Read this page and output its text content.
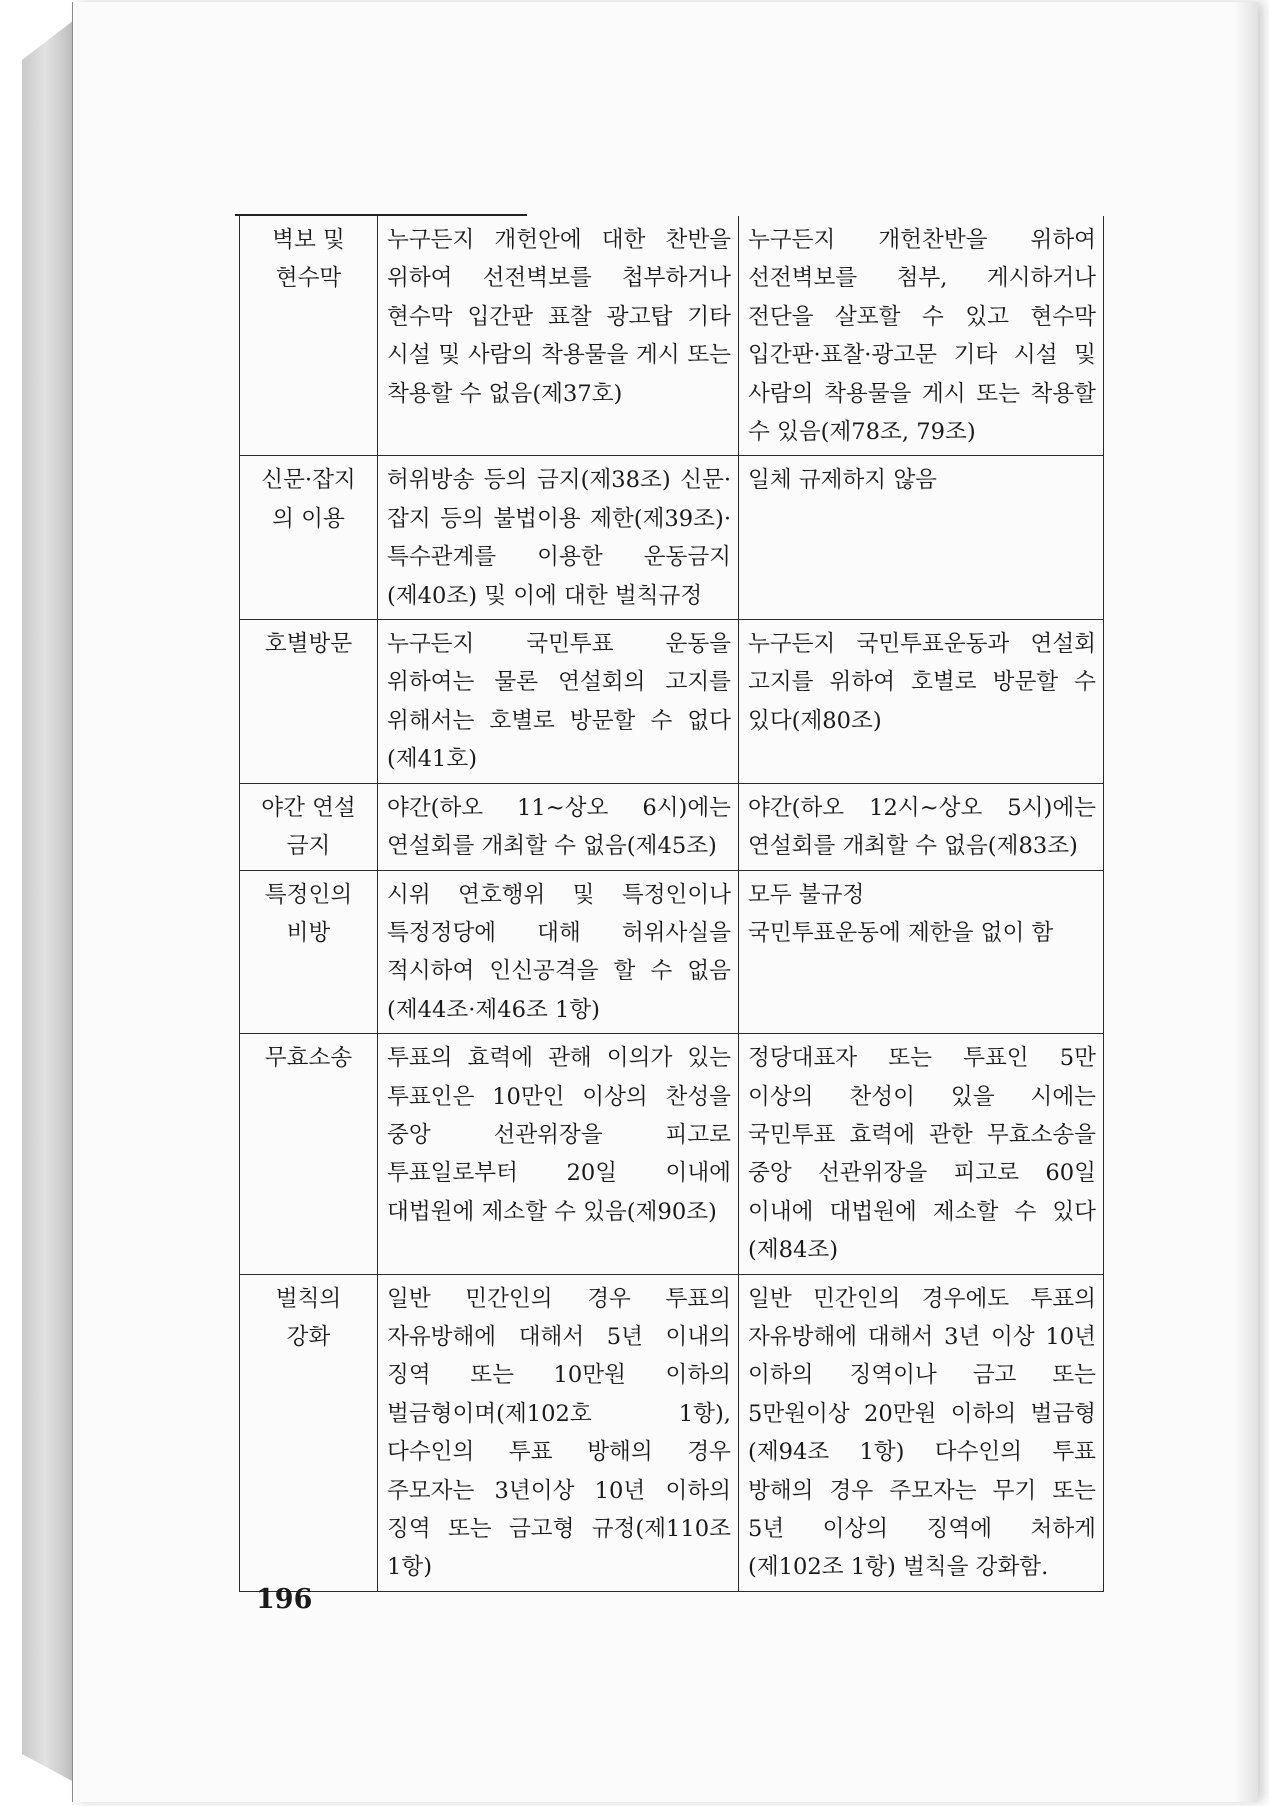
벽보 및
현수막	누구든지 개헌안에 대한 찬반을 위하여 선전벽보를 첩부하거나 현수막 입간판 표찰 광고탑 기타 시설 및 사람의 착용물을 게시 또는 착용할 수 없음(제37호)	누구든지 개헌찬반을 위하여 선전벽보를 첨부, 게시하거나 전단을 살포할 수 있고 현수막 입간판·표찰·광고문 기타 시설 및 사람의 착용물을 게시 또는 착용할 수 있음(제78조, 79조)

신문·잡지
의 이용	허위방송 등의 금지(제38조) 신문·잡지 등의 불법이용 제한(제39조)·특수관계를 이용한 운동금지(제40조) 및 이에 대한 벌칙규정	일체 규제하지 않음

호별방문	누구든지 국민투표 운동을 위하여는 물론 연설회의 고지를 위해서는 호별로 방문할 수 없다(제41호)	누구든지 국민투표운동과 연설회 고지를 위하여 호별로 방문할 수 있다(제80조)

야간 연설
금지	야간(하오 11~상오 6시)에는 연설회를 개최할 수 없음(제45조)	야간(하오 12시~상오 5시)에는 연설회를 개최할 수 없음(제83조)

특정인의
비방	시위 연호행위 및 특정인이나 특정정당에 대해 허위사실을 적시하여 인신공격을 할 수 없음(제44조·제46조 1항)	모두 불규정
국민투표운동에 제한을 없이 함

무효소송	투표의 효력에 관해 이의가 있는 투표인은 10만인 이상의 찬성을 중앙 선관위장을 피고로 투표일로부터 20일 이내에 대법원에 제소할 수 있음(제90조)	정당대표자 또는 투표인 5만 이상의 찬성이 있을 시에는 국민투표 효력에 관한 무효소송을 중앙 선관위장을 피고로 60일 이내에 대법원에 제소할 수 있다(제84조)

벌칙의
강화	일반 민간인의 경우 투표의 자유방해에 대해서 5년 이내의 징역 또는 10만원 이하의 벌금형이며(제102호 1항), 다수인의 투표 방해의 경우 주모자는 3년이상 10년 이하의 징역 또는 금고형 규정(제110조 1항)	일반 민간인의 경우에도 투표의 자유방해에 대해서 3년 이상 10년 이하의 징역이나 금고 또는 5만원이상 20만원 이하의 벌금형(제94조 1항) 다수인의 투표 방해의 경우 주모자는 무기 또는 5년 이상의 징역에 처하게(제102조 1항) 벌칙을 강화함.
196
